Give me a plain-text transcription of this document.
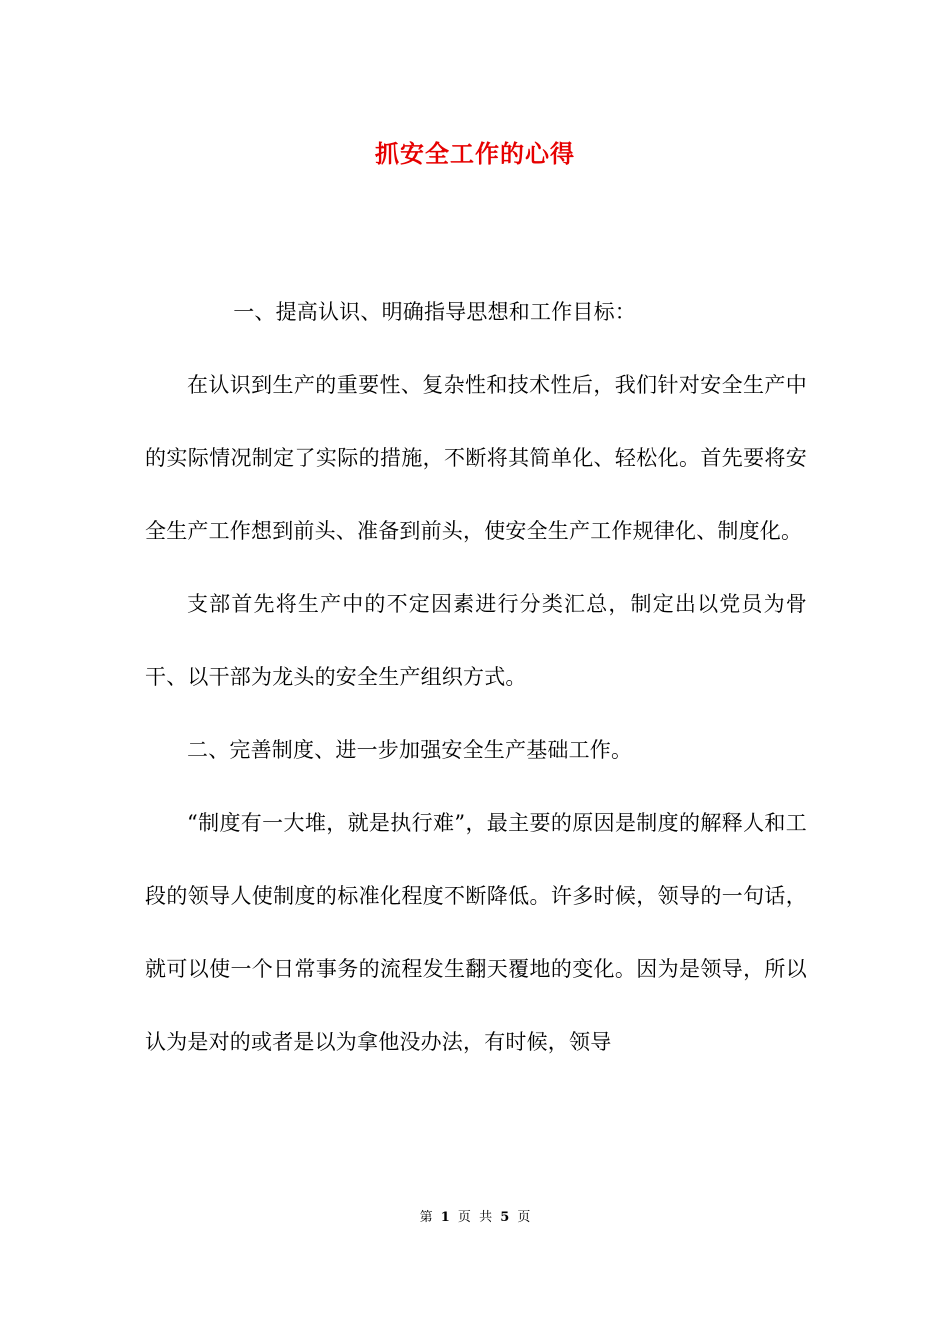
抓安全工作的心得

一、提高认识、明确指导思想和工作目标：

在认识到生产的重要性、复杂性和技术性后，我们针对安全生产中的实际情况制定了实际的措施，不断将其简单化、轻松化。首先要将安全生产工作想到前头、准备到前头，使安全生产工作规律化、制度化。

支部首先将生产中的不定因素进行分类汇总，制定出以党员为骨干、以干部为龙头的安全生产组织方式。

二、完善制度、进一步加强安全生产基础工作。

“制度有一大堆，就是执行难”，最主要的原因是制度的解释人和工段的领导人使制度的标准化程度不断降低。许多时候，领导的一句话，就可以使一个日常事务的流程发生翻天覆地的变化。因为是领导，所以认为是对的或者是以为拿他没办法，有时候，领导

第 1 页 共 5 页
